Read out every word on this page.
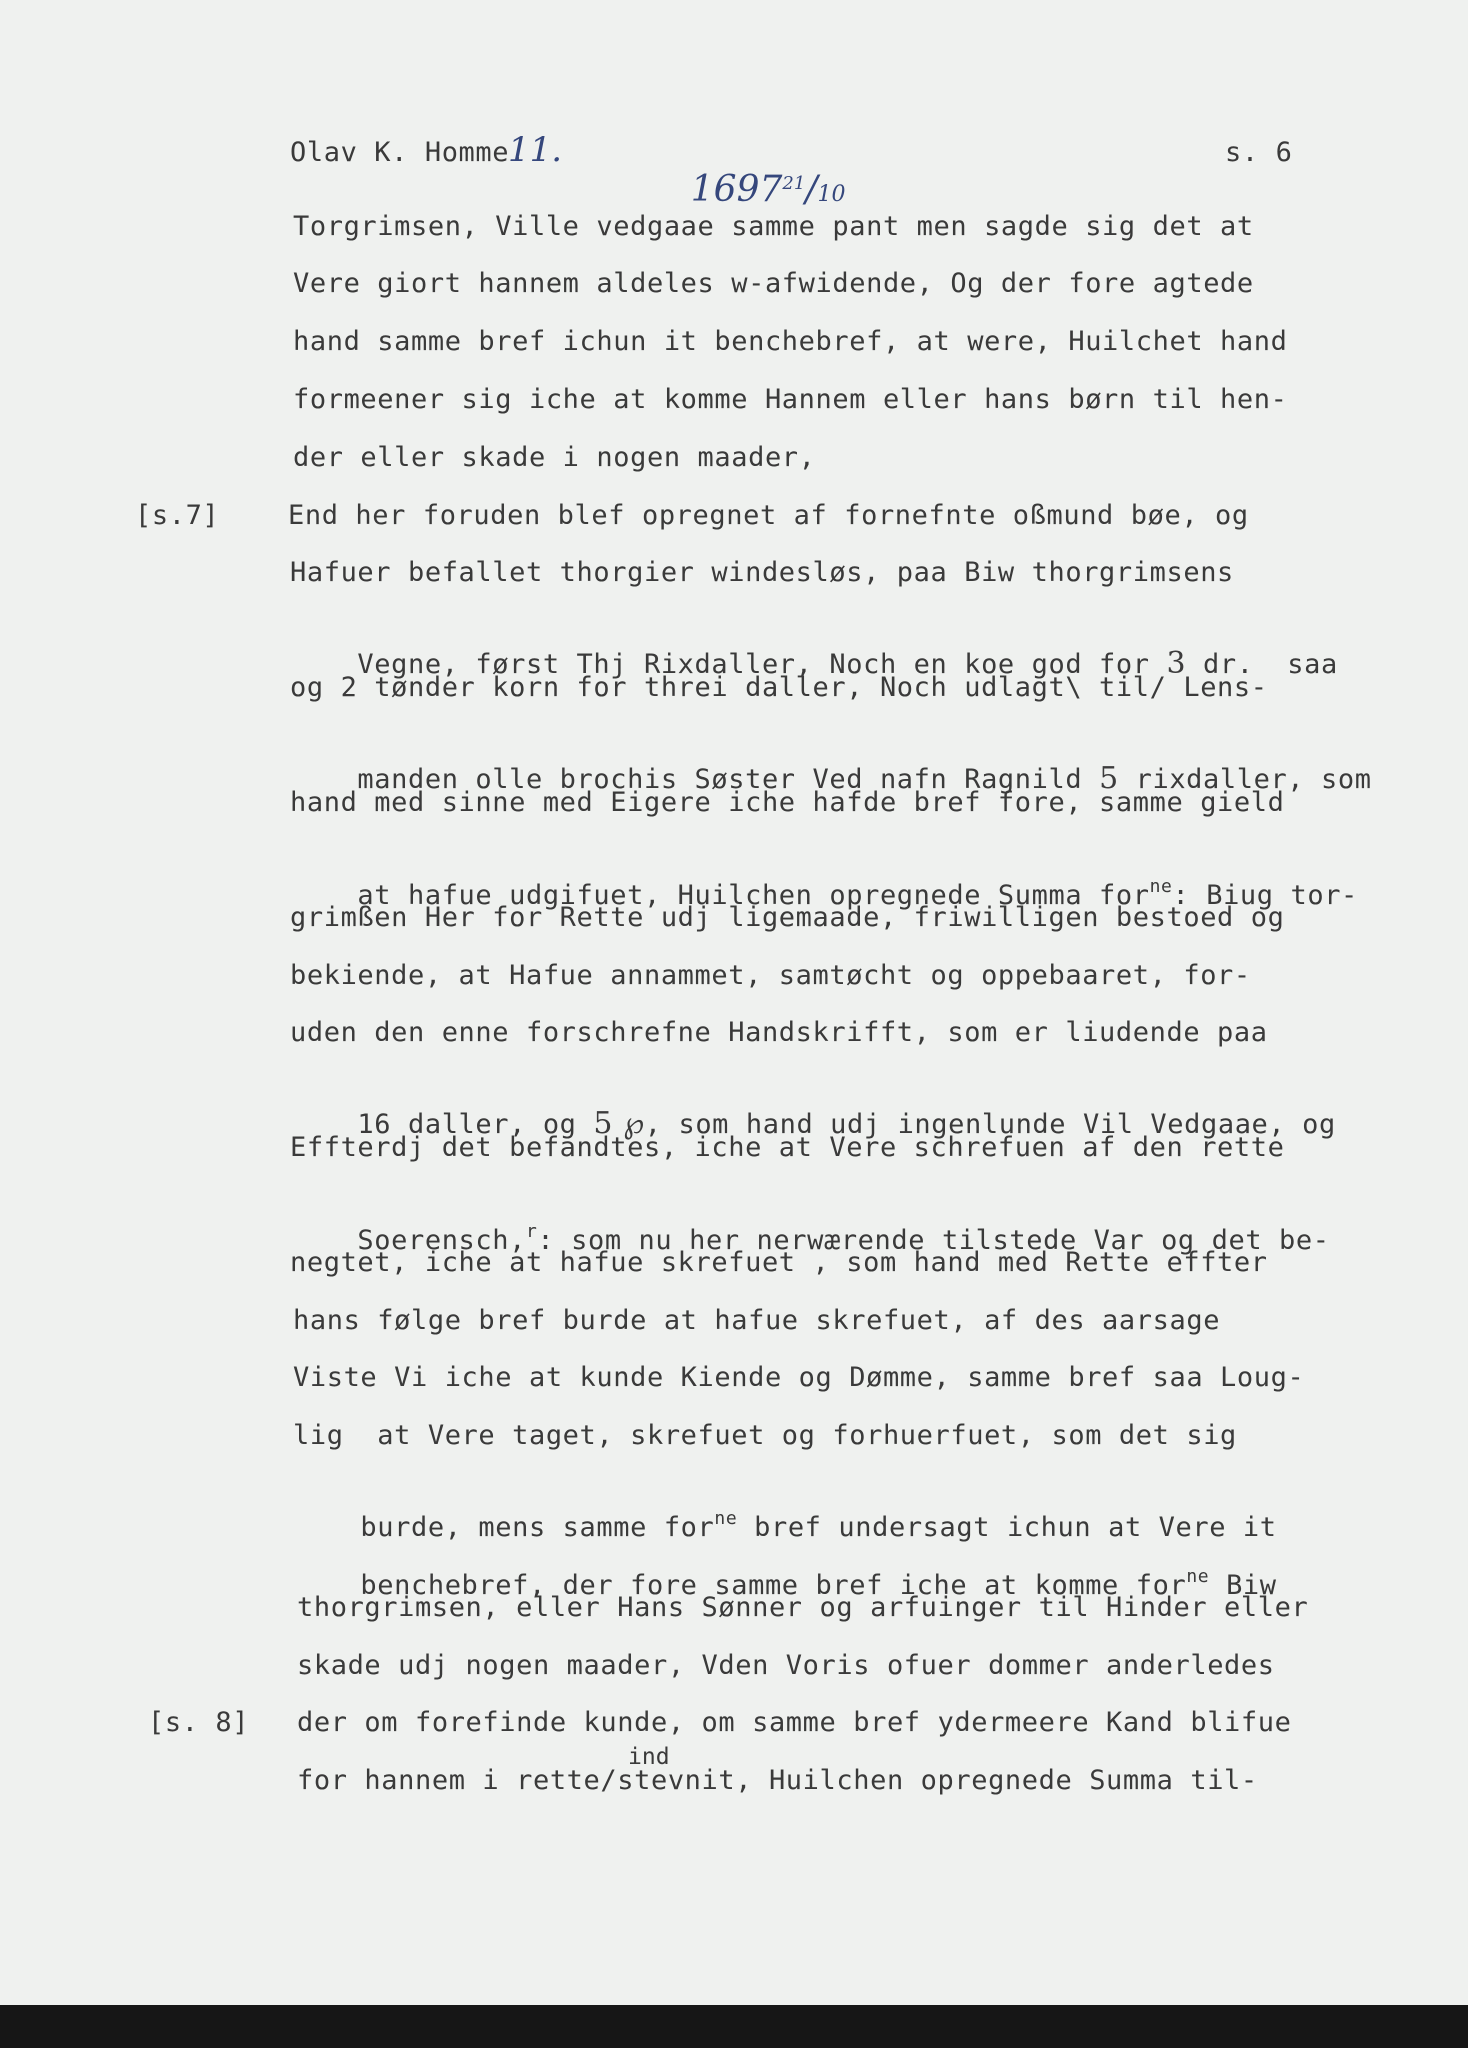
Olav K. Homme.
11.

1697$^{21}$/10

s. 6
Torgrimsen, Ville vedgaae samme pant men sagde sig det at
Vere giort hannem aldeles w-afwidende, Og der fore agtede
hand samme bref ichun it benchebref, at were, Huilchet hand
formeener sig iche at komme Hannem eller hans børn til hen-
der eller skade i nogen maader,
[s.7]	End her foruden blef opregnet af fornefnte oßmund bøe, og
Hafuer befallet thorgier windesløs, paa Biw thorgrimsens

Vegne, først Thj Rixdaller, Noch en koe god for 3 dr.  saa

og 2 tønder korn for threi daller, Noch udlagt\ til/ Lens-

manden olle brochis Søster Ved nafn Ragnild 5 rixdaller, som

hand med sinne med Eigere iche hafde bref fore, samme gield

at hafue udgifuet, Huilchen opregnede Summa for$^{ne}$: Biug tor-

grimßen Her for Rette udj ligemaade, friwilligen bestoed og
bekiende, at Hafue annammet, samtøcht og oppebaaret, for-
uden den enne forschrefne Handskrifft, som er liudende paa

16 daller, og 5 ℘, som hand udj ingenlunde Vil Vedgaae, og

Effterdj det befandtes, iche at Vere schrefuen af den rette

Soerensch,$^r$: som nu her nerwærende tilstede Var og det be-

negtet, iche at hafue skrefuet , som hand med Rette effter
hans følge bref burde at hafue skrefuet, af des aarsage
Viste Vi iche at kunde Kiende og Dømme, samme bref saa Loug-
lig  at Vere taget, skrefuet og forhuerfuet, som det sig

burde, mens samme for$^{ne}$ bref undersagt ichun at Vere it

benchebref, der fore samme bref iche at komme for$^{ne}$ Biw

thorgrimsen, eller Hans Sønner og arfuinger til Hinder eller
skade udj nogen maader, Vden Voris ofuer dommer anderledes
[s. 8] der om forefinde kunde, om samme bref ydermeere Kand blifue
ind
for hannem i rette/stevnit, Huilchen opregnede Summa til-
